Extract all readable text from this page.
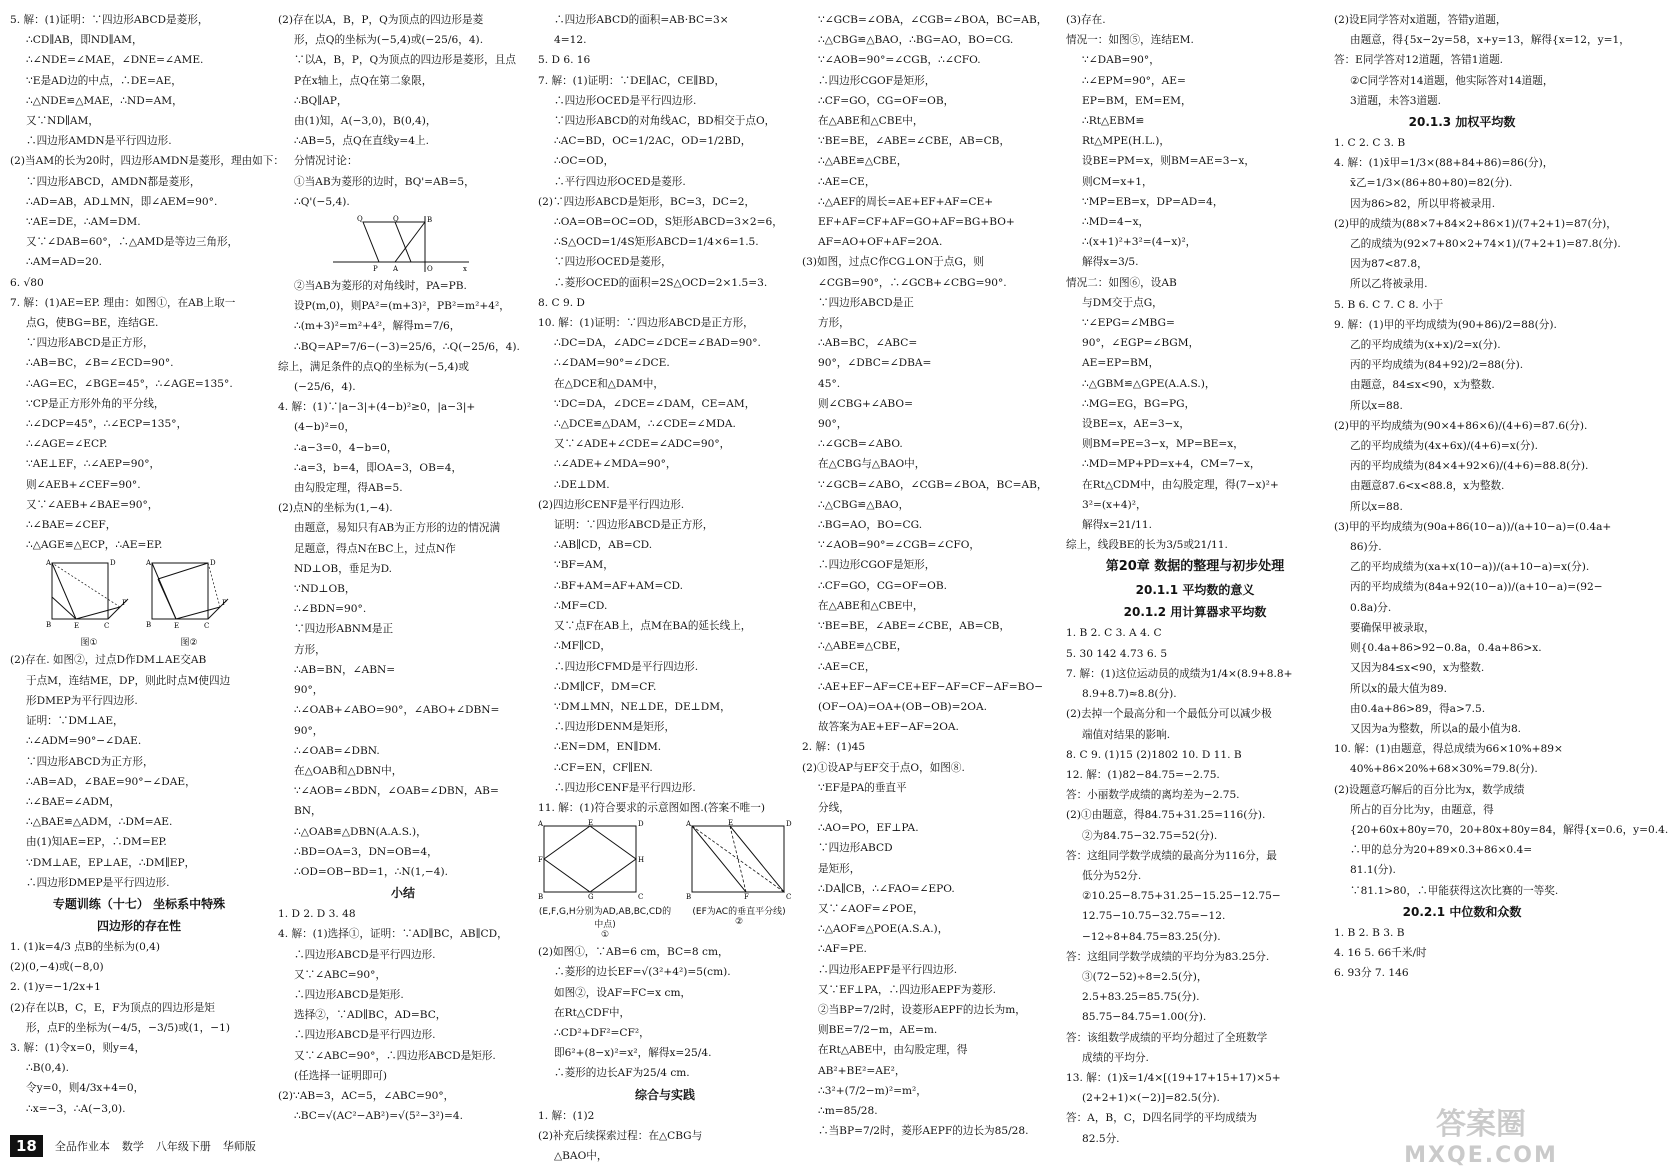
5. 解：(1)证明：∵四边形ABCD是菱形，
∴CD∥AB，即ND∥AM，
∴∠NDE=∠MAE，∠DNE=∠AME.
∵E是AD边的中点，∴DE=AE，
∴△NDE≌△MAE，∴ND=AM，
又∵ND∥AM，
∴四边形AMDN是平行四边形.
(2)当AM的长为20时，四边形AMDN是菱形，理由如下：
∵四边形ABCD，AMDN都是菱形，
∴AD=AB，AD⊥MN，即∠AEM=90°.
∵AE=DE，∴AM=DM.
又∵∠DAB=60°，∴△AMD是等边三角形，
∴AM=AD=20.
6. √80
7. 解：(1)AE=EP. 理由：如图①，在AB上取一
点G，使BG=BE，连结GE.
∵四边形ABCD是正方形，
∴AB=BC，∠B=∠ECD=90°.
∴AG=EC，∠BGE=45°，∴∠AGE=135°.
∵CP是正方形外角的平分线，
∴∠DCP=45°，∴∠ECP=135°，
∴∠AGE=∠ECP.
∵AE⊥EF，∴∠AEP=90°，
则∠AEB+∠CEF=90°.
又∵∠AEB+∠BAE=90°，
∴∠BAE=∠CEF，
∴△AGE≌△ECP，∴AE=EP.
A	D
B	E	C
P
图①
A	D
B	E	C
P
图②
(2)存在. 如图②，过点D作DM⊥AE交AB
于点M，连结ME，DP，则此时点M使四边
形DMEP为平行四边形.
证明：∵DM⊥AE，
∴∠ADM=90°−∠DAE.
∵四边形ABCD为正方形，
∴AB=AD，∠BAE=90°−∠DAE，
∴∠BAE=∠ADM，
∴△BAE≌△ADM，∴DM=AE.
由(1)知AE=EP，∴DM=EP.
∵DM⊥AE，EP⊥AE，∴DM∥EP，
∴四边形DMEP是平行四边形.
专题训练（十七） 坐标系中特殊
四边形的存在性
1. (1)k=4/3 点B的坐标为(0,4)
(2)(0,−4)或(−8,0)
2. (1)y=−1/2x+1
(2)存在以B，C，E，F为顶点的四边形是矩
形，点F的坐标为(−4/5，−3/5)或(1，−1)
3. 解：(1)令x=0，则y=4，
∴B(0,4).
令y=0，则4/3x+4=0，
∴x=−3，∴A(−3,0).
(2)存在以A，B，P，Q为顶点的四边形是菱
形，点Q的坐标为(−5,4)或(−25/6，4).
∵以A，B，P，Q为顶点的四边形是菱形，且点
P在x轴上，点Q在第二象限，
∴BQ∥AP，
由(1)知，A(−3,0)，B(0,4)，
∴AB=5，点Q在直线y=4上.
分情况讨论：
①当AB为菱形的边时，BQ'=AB=5，
∴Q'(−5,4).
Q	Q	B
P A	O	x
②当AB为菱形的对角线时，PA=PB.
设P(m,0)，则PA²=(m+3)²，PB²=m²+4²，
∴(m+3)²=m²+4²，解得m=7/6，
∴BQ=AP=7/6−(−3)=25/6，∴Q(−25/6，4).
综上，满足条件的点Q的坐标为(−5,4)或
(−25/6，4).
4. 解：(1)∵|a−3|+(4−b)²≥0，|a−3|+
(4−b)²=0，
∴a−3=0，4−b=0，
∴a=3，b=4，即OA=3，OB=4，
由勾股定理，得AB=5.
(2)点N的坐标为(1,−4).
由题意，易知只有AB为正方形的边的情况满
足题意，得点N在BC上，过点N作
ND⊥OB，垂足为D.
∵ND⊥OB，
∴∠BDN=90°.
∵四边形ABNM是正
方形，
∴AB=BN，∠ABN=
90°，
∴∠OAB+∠ABO=90°，∠ABO+∠DBN=
90°，
∴∠OAB=∠DBN.
在△OAB和△DBN中，
∵∠AOB=∠BDN，∠OAB=∠DBN，AB=
BN，
∴△OAB≌△DBN(A.A.S.)，
∴BD=OA=3，DN=OB=4，
∴OD=OB−BD=1，∴N(1,−4).
小结
1. D 2. D 3. 48
4. 解：(1)选择①，证明：∵AD∥BC，AB∥CD，
∴四边形ABCD是平行四边形.
又∵∠ABC=90°，
∴四边形ABCD是矩形.
选择②，∵AD∥BC，AD=BC，
∴四边形ABCD是平行四边形.
又∵∠ABC=90°，∴四边形ABCD是矩形.
(任选择一证明即可)
(2)∵AB=3，AC=5，∠ABC=90°，
∴BC=√(AC²−AB²)=√(5²−3²)=4.
∴四边形ABCD的面积=AB·BC=3×
4=12.
5. D 6. 16
7. 解：(1)证明：∵DE∥AC，CE∥BD，
∴四边形OCED是平行四边形.
∵四边形ABCD的对角线AC，BD相交于点O，
∴AC=BD，OC=1/2AC，OD=1/2BD，
∴OC=OD，
∴平行四边形OCED是菱形.
(2)∵四边形ABCD是矩形，BC=3，DC=2，
∴OA=OB=OC=OD，S矩形ABCD=3×2=6，
∴S△OCD=1/4S矩形ABCD=1/4×6=1.5.
∵四边形OCED是菱形，
∴菱形OCED的面积=2S△OCD=2×1.5=3.
8. C 9. D
10. 解：(1)证明：∵四边形ABCD是正方形，
∴DC=DA，∠ADC=∠DCE=∠BAD=90°.
∴∠DAM=90°=∠DCE.
在△DCE和△DAM中，
∵DC=DA，∠DCE=∠DAM，CE=AM，
∴△DCE≌△DAM，∴∠CDE=∠MDA.
又∵∠ADE+∠CDE=∠ADC=90°，
∴∠ADE+∠MDA=90°，
∴DE⊥DM.
(2)四边形CENF是平行四边形.
证明：∵四边形ABCD是正方形，
∴AB∥CD，AB=CD.
∵BF=AM，
∴BF+AM=AF+AM=CD.
∴MF=CD.
又∵点F在AB上，点M在BA的延长线上，
∴MF∥CD，
∴四边形CFMD是平行四边形.
∴DM∥CF，DM=CF.
∵DM⊥MN，NE⊥DE，DE⊥DM，
∴四边形DENM是矩形，
∴EN=DM，EN∥DM.
∴CF=EN，CF∥EN.
∴四边形CENF是平行四边形.
11. 解：(1)符合要求的示意图如图.(答案不唯一)
A	E	D
F	H
B	G	C
(E,F,G,H分别为AD,AB,BC,CD的中点)
①
A	E	D
B	F	C
(EF为AC的垂直平分线)
②
(2)如图①，∵AB=6 cm，BC=8 cm，
∴菱形的边长EF=√(3²+4²)=5(cm).
如图②，设AF=FC=x cm，
在Rt△CDF中，
∴CD²+DF²=CF²，
即6²+(8−x)²=x²，解得x=25/4.
∴菱形的边长AF为25/4 cm.
综合与实践
1. 解：(1)2
(2)补充后续探索过程：在△CBG与
△BAO中，
∵∠GCB=∠OBA，∠CGB=∠BOA，BC=AB，
∴△CBG≌△BAO，∴BG=AO，BO=CG.
∵∠AOB=90°=∠CGB，∴∠CFO.
∴四边形CGOF是矩形，
∴CF=GO，CG=OF=OB，
在△ABE和△CBE中，
∵BE=BE，∠ABE=∠CBE，AB=CB，
∴△ABE≌△CBE，
∴AE=CE，
∴△AEF的周长=AE+EF+AF=CE+
EF+AF=CF+AF=GO+AF=BG+BO+
AF=AO+OF+AF=2OA.
(3)如图，过点C作CG⊥ON于点G，则
∠CGB=90°，∴∠GCB+∠CBG=90°.
∵四边形ABCD是正
方形，
∴AB=BC，∠ABC=
90°，∠DBC=∠DBA=
45°.
则∠CBG+∠ABO=
90°，
∴∠GCB=∠ABO.
在△CBG与△BAO中，
∵∠GCB=∠ABO，∠CGB=∠BOA，BC=AB，
∴△CBG≌△BAO，
∴BG=AO，BO=CG.
∵∠AOB=90°=∠CGB=∠CFO，
∴四边形CGOF是矩形，
∴CF=GO，CG=OF=OB.
在△ABE和△CBE中，
∵BE=BE，∠ABE=∠CBE，AB=CB，
∴△ABE≌△CBE，
∴AE=CE，
∴AE+EF−AF=CE+EF−AF=CF−AF=BO−
(OF−OA)=OA+(OB−OB)=2OA.
故答案为AE+EF−AF=2OA.
2. 解：(1)45
(2)①设AP与EF交于点O，如图⑧.
∵EF是PA的垂直平
分线，
∴AO=PO，EF⊥PA.
∵四边形ABCD
是矩形，
∴DA∥CB，∴∠FAO=∠EPO.
又∵∠AOF=∠POE，
∴△AOF≌△POE(A.S.A.)，
∴AF=PE.
∴四边形AEPF是平行四边形.
又∵EF⊥PA，∴四边形AEPF为菱形.
②当BP=7/2时，设菱形AEPF的边长为m，
则BE=7/2−m，AE=m.
在Rt△ABE中，由勾股定理，得
AB²+BE²=AE²，
∴3²+(7/2−m)²=m²，
∴m=85/28.
∴当BP=7/2时，菱形AEPF的边长为85/28.
(3)存在.
情况一：如图⑤，连结EM.
∵∠DAB=90°，
∴∠EPM=90°，AE=
EP=BM，EM=EM，
∴Rt△EBM≌
Rt△MPE(H.L.)，
设BE=PM=x，则BM=AE=3−x，
则CM=x+1，
∵MP=EB=x，DP=AD=4，
∴MD=4−x，
∴(x+1)²+3²=(4−x)²，
解得x=3/5.
情况二：如图⑥，设AB
与DM交于点G，
∵∠EPG=∠MBG=
90°，∠EGP=∠BGM，
AE=EP=BM，
∴△GBM≌△GPE(A.A.S.)，
∴MG=EG，BG=PG，
设BE=x，AE=3−x，
则BM=PE=3−x，MP=BE=x，
∴MD=MP+PD=x+4，CM=7−x，
在Rt△CDM中，由勾股定理，得(7−x)²+
3²=(x+4)²，
解得x=21/11.
综上，线段BE的长为3/5或21/11.
第20章 数据的整理与初步处理
20.1.1 平均数的意义
20.1.2 用计算器求平均数
1. B 2. C 3. A 4. C
5. 30 142 4.73 6. 5
7. 解：(1)这位运动员的成绩为1/4×(8.9+8.8+
8.9+8.7)≈8.8(分).
(2)去掉一个最高分和一个最低分可以减少极
端值对结果的影响.
8. C 9. (1)15 (2)1802 10. D 11. B
12. 解：(1)82−84.75=−2.75.
答：小丽数学成绩的离均差为−2.75.
(2)①由题意，得84.75+31.25=116(分).
②为84.75−32.75=52(分).
答：这组同学数学成绩的最高分为116分，最
低分为52分.
②10.25−8.75+31.25−15.25−12.75−
12.75−10.75−32.75=−12.
−12÷8+84.75=83.25(分).
答：这组同学数学成绩的平均分为83.25分.
③(72−52)÷8=2.5(分)，
2.5+83.25=85.75(分).
85.75−84.75=1.00(分).
答：该组数学成绩的平均分超过了全班数学
成绩的平均分.
13. 解：(1)x̄=1/4×[(19+17+15+17)×5+
(2+2+1)×(−2)]=82.5(分).
答：A，B，C，D四名同学的平均成绩为
82.5分.
(2)设E同学答对x道题，答错y道题，
由题意，得{5x−2y=58，x+y=13，解得{x=12，y=1，
答：E同学答对12道题，答错1道题.
②C同学答对14道题，他实际答对14道题，
3道题，未答3道题.
20.1.3 加权平均数
1. C 2. C 3. B
4. 解：(1)x̄甲=1/3×(88+84+86)=86(分)，
x̄乙=1/3×(86+80+80)=82(分).
因为86>82，所以甲将被录用.
(2)甲的成绩为(88×7+84×2+86×1)/(7+2+1)=87(分)，
乙的成绩为(92×7+80×2+74×1)/(7+2+1)=87.8(分).
因为87<87.8，
所以乙将被录用.
5. B 6. C 7. C 8. 小于
9. 解：(1)甲的平均成绩为(90+86)/2=88(分).
乙的平均成绩为(x+x)/2=x(分).
丙的平均成绩为(84+92)/2=88(分).
由题意，84≤x<90，x为整数.
所以x=88.
(2)甲的平均成绩为(90×4+86×6)/(4+6)=87.6(分).
乙的平均成绩为(4x+6x)/(4+6)=x(分).
丙的平均成绩为(84×4+92×6)/(4+6)=88.8(分).
由题意87.6<x<88.8，x为整数.
所以x=88.
(3)甲的平均成绩为(90a+86(10−a))/(a+10−a)=(0.4a+
86)分.
乙的平均成绩为(xa+x(10−a))/(a+10−a)=x(分).
丙的平均成绩为(84a+92(10−a))/(a+10−a)=(92−
0.8a)分.
要确保甲被录取，
则{0.4a+86>92−0.8a，0.4a+86>x.
又因为84≤x<90，x为整数.
所以x的最大值为89.
由0.4a+86>89，得a>7.5.
又因为a为整数，所以a的最小值为8.
10. 解：(1)由题意，得总成绩为66×10%+89×
40%+86×20%+68×30%=79.8(分).
(2)设题意巧解后的百分比为x，数学成绩
所占的百分比为y，由题意，得
{20+60x+80y=70，20+80x+80y=84，解得{x=0.6，y=0.4.
∴甲的总分为20+89×0.3+86×0.4=
81.1(分).
∵81.1>80，∴甲能获得这次比赛的一等奖.
20.2.1 中位数和众数
1. B 2. B 3. B
4. 16 5. 66千米/时
6. 93分 7. 146
18	全品作业本 数学 八年级下册 华师版
答案圈
MXQE.COM
